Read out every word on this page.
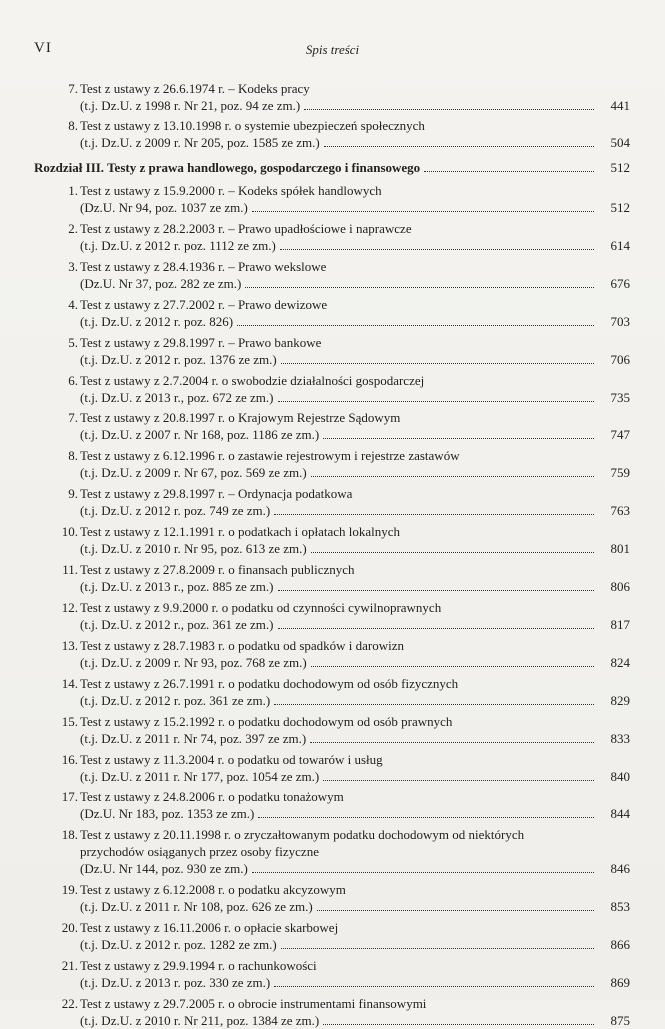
VI	Spis treści
7. Test z ustawy z 26.6.1974 r. – Kodeks pracy
(t.j. Dz.U. z 1998 r. Nr 21, poz. 94 ze zm.)	441
8. Test z ustawy z 13.10.1998 r. o systemie ubezpieczeń społecznych
(t.j. Dz.U. z 2009 r. Nr 205, poz. 1585 ze zm.)	504
Rozdział III. Testy z prawa handlowego, gospodarczego i finansowego	512
1. Test z ustawy z 15.9.2000 r. – Kodeks spółek handlowych
(Dz.U. Nr 94, poz. 1037 ze zm.)	512
2. Test z ustawy z 28.2.2003 r. – Prawo upadłościowe i naprawcze
(t.j. Dz.U. z 2012 r. poz. 1112 ze zm.)	614
3. Test z ustawy z 28.4.1936 r. – Prawo wekslowe
(Dz.U. Nr 37, poz. 282 ze zm.)	676
4. Test z ustawy z 27.7.2002 r. – Prawo dewizowe
(t.j. Dz.U. z 2012 r. poz. 826)	703
5. Test z ustawy z 29.8.1997 r. – Prawo bankowe
(t.j. Dz.U. z 2012 r. poz. 1376 ze zm.)	706
6. Test z ustawy z 2.7.2004 r. o swobodzie działalności gospodarczej
(t.j. Dz.U. z 2013 r., poz. 672 ze zm.)	735
7. Test z ustawy z 20.8.1997 r. o Krajowym Rejestrze Sądowym
(t.j. Dz.U. z 2007 r. Nr 168, poz. 1186 ze zm.)	747
8. Test z ustawy z 6.12.1996 r. o zastawie rejestrowym i rejestrze zastawów
(t.j. Dz.U. z 2009 r. Nr 67, poz. 569 ze zm.)	759
9. Test z ustawy z 29.8.1997 r. – Ordynacja podatkowa
(t.j. Dz.U. z 2012 r. poz. 749 ze zm.)	763
10. Test z ustawy z 12.1.1991 r. o podatkach i opłatach lokalnych
(t.j. Dz.U. z 2010 r. Nr 95, poz. 613 ze zm.)	801
11. Test z ustawy z 27.8.2009 r. o finansach publicznych
(t.j. Dz.U. z 2013 r., poz. 885 ze zm.)	806
12. Test z ustawy z 9.9.2000 r. o podatku od czynności cywilnoprawnych
(t.j. Dz.U. z 2012 r., poz. 361 ze zm.)	817
13. Test z ustawy z 28.7.1983 r. o podatku od spadków i darowizn
(t.j. Dz.U. z 2009 r. Nr 93, poz. 768 ze zm.)	824
14. Test z ustawy z 26.7.1991 r. o podatku dochodowym od osób fizycznych
(t.j. Dz.U. z 2012 r. poz. 361 ze zm.)	829
15. Test z ustawy z 15.2.1992 r. o podatku dochodowym od osób prawnych
(t.j. Dz.U. z 2011 r. Nr 74, poz. 397 ze zm.)	833
16. Test z ustawy z 11.3.2004 r. o podatku od towarów i usług
(t.j. Dz.U. z 2011 r. Nr 177, poz. 1054 ze zm.)	840
17. Test z ustawy z 24.8.2006 r. o podatku tonażowym
(Dz.U. Nr 183, poz. 1353 ze zm.)	844
18. Test z ustawy z 20.11.1998 r. o zryczałtowanym podatku dochodowym od niektórych
przychodów osiąganych przez osoby fizyczne
(Dz.U. Nr 144, poz. 930 ze zm.)	846
19. Test z ustawy z 6.12.2008 r. o podatku akcyzowym
(t.j. Dz.U. z 2011 r. Nr 108, poz. 626 ze zm.)	853
20. Test z ustawy z 16.11.2006 r. o opłacie skarbowej
(t.j. Dz.U. z 2012 r. poz. 1282 ze zm.)	866
21. Test z ustawy z 29.9.1994 r. o rachunkowości
(t.j. Dz.U. z 2013 r. poz. 330 ze zm.)	869
22. Test z ustawy z 29.7.2005 r. o obrocie instrumentami finansowymi
(t.j. Dz.U. z 2010 r. Nr 211, poz. 1384 ze zm.)	875
